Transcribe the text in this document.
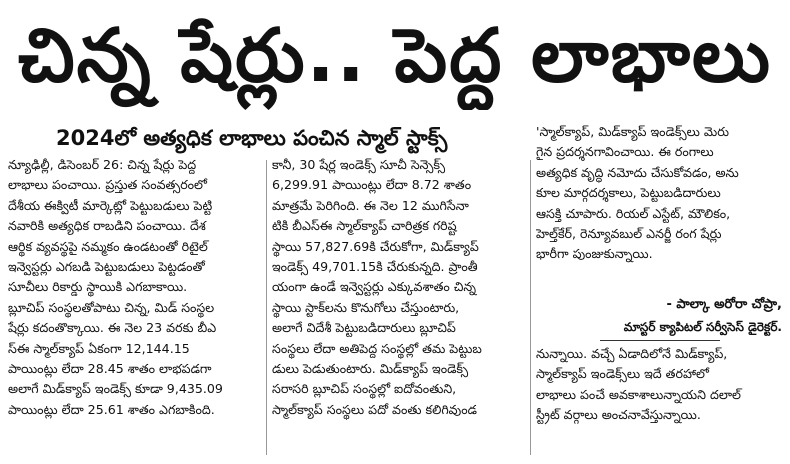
చిన్న షేర్లు.. పెద్ద లాభాలు
2024లో అత్యధిక లాభాలు పంచిన స్మాల్ స్టాక్స్
న్యూఢిల్లీ, డిసెంబర్ 26: చిన్న షేర్లు పెద్ద
లాభాలు పంచాయి. ప్రస్తుత సంవత్సరంలో
దేశీయ ఈక్విటీ మార్కెట్లో పెట్టుబడులు పెట్టి
నవారికి అత్యధిక రాబడిని పంచాయి. దేశ
ఆర్థిక వ్యవస్థపై నమ్మకం ఉండటంతో రిటైల్
ఇన్వెస్టర్లు ఎగబడి పెట్టుబడులు పెట్టడంతో
సూచీలు రికార్డు స్థాయికి ఎగబాకాయి.
బ్లూచిప్ సంస్థలతోపాటు చిన్న, మిడ్ సంస్థల
షేర్లు కదంతొక్కాయి. ఈ నెల 23 వరకు బీఎ
స్‌ఈ స్మాల్‌క్యాప్ ఏకంగా 12,144.15
పాయింట్లు లేదా 28.45 శాతం లాభపడగా
అలాగే మిడ్‌క్యాప్ ఇండెక్స్ కూడా 9,435.09
పాయింట్లు లేదా 25.61 శాతం ఎగబాకింది.
కానీ, 30 షేర్ల ఇండెక్స్ సూచీ సెన్సెక్స్
6,299.91 పాయింట్లు లేదా 8.72 శాతం
మాత్రమే పెరిగింది. ఈ నెల 12 ముగిసేనా
టికి బీఎస్‌ఈ స్మాల్‌క్యాప్ చారిత్రక గరిష్ట
స్థాయి 57,827.69కి చేరుకోగా, మిడ్‌క్యాప్
ఇండెక్స్ 49,701.15కి చేరుకున్నది. ప్రాంతీ
యంగా ఉండే ఇన్వెస్టర్లు ఎక్కువశాతం చిన్న
స్థాయి స్టాక్‌లను కొనుగోలు చేస్తుంటారు,
అలాగే విదేశీ పెట్టుబడిదారులు బ్లూచిప్
సంస్థలు లేదా అతిపెద్ద సంస్థల్లో తమ పెట్టుబ
డులు పెడుతుంటారు. మిడ్‌క్యాప్ ఇండెక్స్
సరాసరి బ్లూచిప్ సంస్థల్లో ఐదోవంతుని,
స్మాల్‌క్యాప్ సంస్థలు పదో వంతు కలిగివుండ
'స్మాల్‌క్యాప్, మిడ్‌క్యాప్ ఇండెక్స్‌లు మెరు
గైన ప్రదర్శనగావించాయి. ఈ రంగాలు
అత్యధిక వృద్ధి నమోదు చేసుకోవడం, అను
కూల మార్గదర్శకాలు, పెట్టుబడిదారులు
ఆసక్తి చూపారు. రియల్ ఎస్టేట్, మౌలికం,
హెల్త్‌కేర్, రెన్యూవబుల్ ఎనర్జీ రంగ షేర్లు
భారీగా పుంజుకున్నాయి.
- పాల్కా అరోరా చోప్రా,
మాస్టర్ క్యాపిటల్ సర్వీసెస్ డైరెక్టర్.
నున్నాయి. వచ్చే ఏడాదిలోనే మిడ్‌క్యాప్,
స్మాల్‌క్యాప్ ఇండెక్స్‌లు ఇదే తరహాలో
లాభాలు పంచే అవకాశాలున్నాయని దలాల్
స్ట్రీట్ వర్గాలు అంచనావేస్తున్నాయి.
